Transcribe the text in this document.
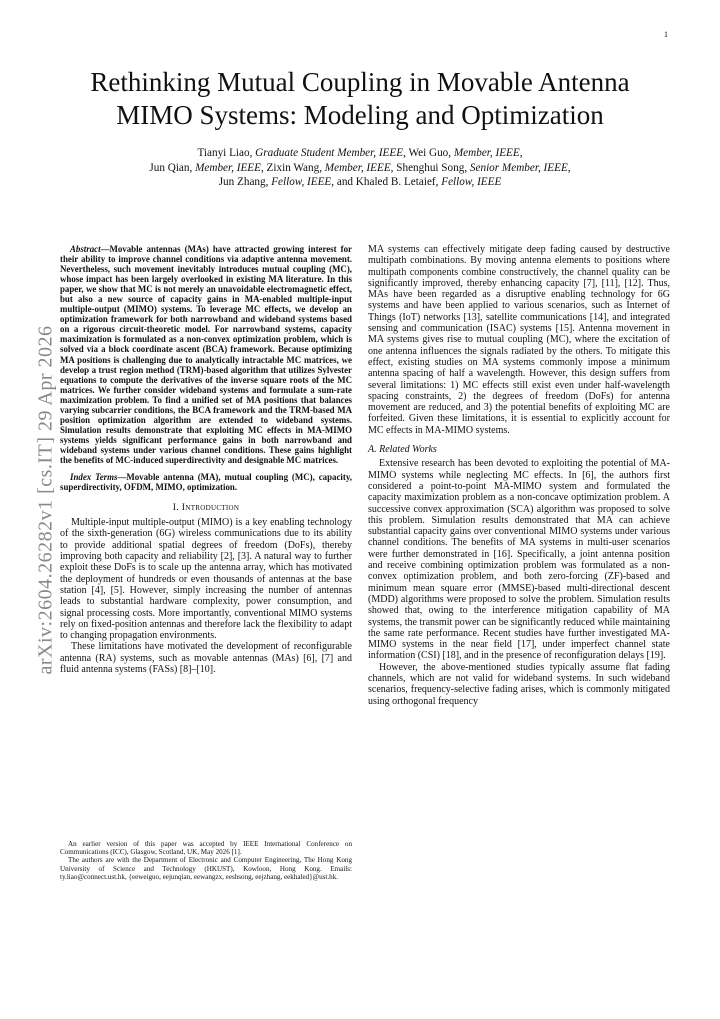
1
arXiv:2604.26282v1 [cs.IT] 29 Apr 2026
Rethinking Mutual Coupling in Movable Antenna MIMO Systems: Modeling and Optimization
Tianyi Liao, Graduate Student Member, IEEE, Wei Guo, Member, IEEE,
Jun Qian, Member, IEEE, Zixin Wang, Member, IEEE, Shenghui Song, Senior Member, IEEE,
Jun Zhang, Fellow, IEEE, and Khaled B. Letaief, Fellow, IEEE

Abstract—Movable antennas (MAs) have attracted growing interest for their ability to improve channel conditions via adaptive antenna movement. Nevertheless, such movement inevitably introduces mutual coupling (MC), whose impact has been largely overlooked in existing MA literature. In this paper, we show that MC is not merely an unavoidable electromagnetic effect, but also a new source of capacity gains in MA-enabled multiple-input multiple-output (MIMO) systems. To leverage MC effects, we develop an optimization framework for both narrowband and wideband systems based on a rigorous circuit-theoretic model. For narrowband systems, capacity maximization is formulated as a non-convex optimization problem, which is solved via a block coordinate ascent (BCA) framework. Because optimizing MA positions is challenging due to analytically intractable MC matrices, we develop a trust region method (TRM)-based algorithm that utilizes Sylvester equations to compute the derivatives of the inverse square roots of the MC matrices. We further consider wideband systems and formulate a sum-rate maximization problem. To find a unified set of MA positions that balances varying subcarrier conditions, the BCA framework and the TRM-based MA position optimization algorithm are extended to wideband systems. Simulation results demonstrate that exploiting MC effects in MA-MIMO systems yields significant performance gains in both narrowband and wideband systems under various channel conditions. These gains highlight the benefits of MC-induced superdirectivity and designable MC matrices.

Index Terms—Movable antenna (MA), mutual coupling (MC), capacity, superdirectivity, OFDM, MIMO, optimization.

I. Introduction

Multiple-input multiple-output (MIMO) is a key enabling technology of the sixth-generation (6G) wireless communications due to its ability to provide additional spatial degrees of freedom (DoFs), thereby improving both capacity and reliability [2], [3]. A natural way to further exploit these DoFs is to scale up the antenna array, which has motivated the deployment of hundreds or even thousands of antennas at the base station [4], [5]. However, simply increasing the number of antennas leads to substantial hardware complexity, power consumption, and signal processing costs. More importantly, conventional MIMO systems rely on fixed-position antennas and therefore lack the flexibility to adapt to changing propagation environments.

These limitations have motivated the development of reconfigurable antenna (RA) systems, such as movable antennas (MAs) [6], [7] and fluid antenna systems (FASs) [8]–[10].

An earlier version of this paper was accepted by IEEE International Conference on Communications (ICC), Glasgow, Scotland, UK, May 2026 [1].

The authors are with the Department of Electronic and Computer Engineering, The Hong Kong University of Science and Technology (HKUST), Kowloon, Hong Kong. Emails: ty.liao@connect.ust.hk, {eeweiguo, eejunqian, eewangzx, eeshsong, eejzhang, eekhaled}@ust.hk.

MA systems can effectively mitigate deep fading caused by destructive multipath combinations. By moving antenna elements to positions where multipath components combine constructively, the channel quality can be significantly improved, thereby enhancing capacity [7], [11], [12]. Thus, MAs have been regarded as a disruptive enabling technology for 6G systems and have been applied to various scenarios, such as Internet of Things (IoT) networks [13], satellite communications [14], and integrated sensing and communication (ISAC) systems [15]. Antenna movement in MA systems gives rise to mutual coupling (MC), where the excitation of one antenna influences the signals radiated by the others. To mitigate this effect, existing studies on MA systems commonly impose a minimum antenna spacing of half a wavelength. However, this design suffers from several limitations: 1) MC effects still exist even under half-wavelength spacing constraints, 2) the degrees of freedom (DoFs) for antenna movement are reduced, and 3) the potential benefits of exploiting MC are forfeited. Given these limitations, it is essential to explicitly account for MC effects in MA-MIMO systems.

A. Related Works

Extensive research has been devoted to exploiting the potential of MA-MIMO systems while neglecting MC effects. In [6], the authors first considered a point-to-point MA-MIMO system and formulated the capacity maximization problem as a non-concave optimization problem. A successive convex approximation (SCA) algorithm was proposed to solve this problem. Simulation results demonstrated that MA can achieve substantial capacity gains over conventional MIMO systems under various channel conditions. The benefits of MA systems in multi-user scenarios were further demonstrated in [16]. Specifically, a joint antenna position and receive combining optimization problem was formulated as a non-convex optimization problem, and both zero-forcing (ZF)-based and minimum mean square error (MMSE)-based multi-directional descent (MDD) algorithms were proposed to solve the problem. Simulation results showed that, owing to the interference mitigation capability of MA systems, the transmit power can be significantly reduced while maintaining the same rate performance. Recent studies have further investigated MA-MIMO systems in the near field [17], under imperfect channel state information (CSI) [18], and in the presence of reconfiguration delays [19].

However, the above-mentioned studies typically assume flat fading channels, which are not valid for wideband systems. In such wideband scenarios, frequency-selective fading arises, which is commonly mitigated using orthogonal frequency
